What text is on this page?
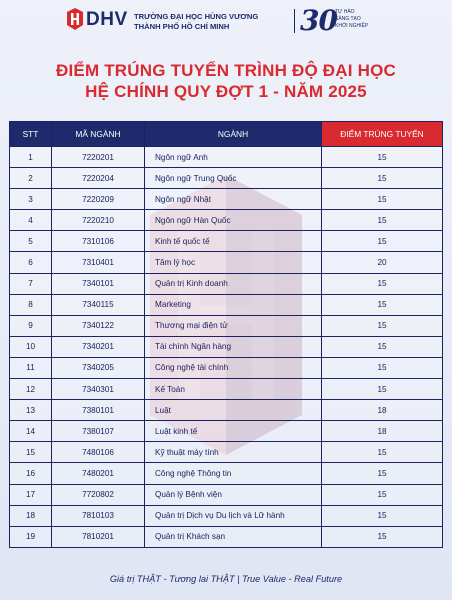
DHV TRƯỜNG ĐẠI HỌC HÙNG VƯƠNG
THÀNH PHỐ HỒ CHÍ MINH	30
TỰ HÀO
SÁNG TẠO
KHỞI NGHIỆP
ĐIỂM TRÚNG TUYỂN TRÌNH ĐỘ ĐẠI HỌC
HỆ CHÍNH QUY ĐỢT 1 - NĂM 2025
STT	MÃ NGÀNH	NGÀNH	ĐIỂM TRÚNG TUYỂN
1	7220201	Ngôn ngữ Anh	15
2	7220204	Ngôn ngữ Trung Quốc	15
3	7220209	Ngôn ngữ Nhật	15
4	7220210	Ngôn ngữ Hàn Quốc	15
5	7310106	Kinh tế quốc tế	15
6	7310401	Tâm lý học	20
7	7340101	Quản trị Kinh doanh	15
8	7340115	Marketing	15
9	7340122	Thương mại điện tử	15
10	7340201	Tài chính Ngân hàng	15
11	7340205	Công nghệ tài chính	15
12	7340301	Kế Toán	15
13	7380101	Luật	18
14	7380107	Luật kinh tế	18
15	7480106	Kỹ thuật máy tính	15
16	7480201	Công nghệ Thông tin	15
17	7720802	Quản lý Bệnh viện	15
18	7810103	Quản trị Dịch vụ Du lịch và Lữ hành	15
19	7810201	Quản trị Khách sạn	15
Giá trị THẬT - Tương lai THẬT | True Value - Real Future
